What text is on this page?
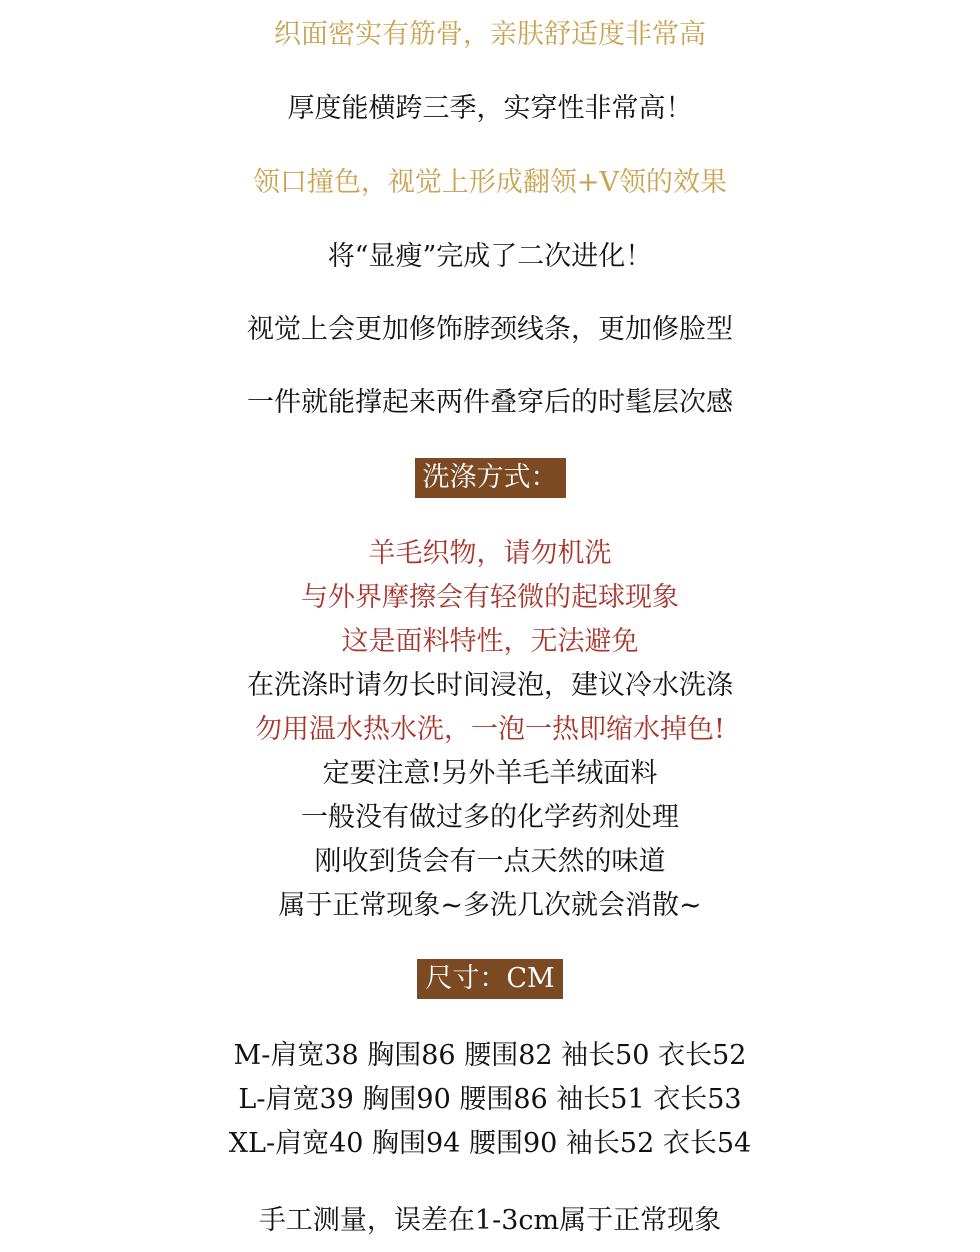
织面密实有筋骨，亲肤舒适度非常高
厚度能横跨三季，实穿性非常高！
领口撞色，视觉上形成翻领+V领的效果
将“显瘦”完成了二次进化！
视觉上会更加修饰脖颈线条，更加修脸型
一件就能撑起来两件叠穿后的时髦层次感
洗涤方式：
羊毛织物，请勿机洗
与外界摩擦会有轻微的起球现象
这是面料特性，无法避免
在洗涤时请勿长时间浸泡，建议冷水洗涤
勿用温水热水洗，一泡一热即缩水掉色!
定要注意!另外羊毛羊绒面料
一般没有做过多的化学药剂处理
刚收到货会有一点天然的味道
属于正常现象~多洗几次就会消散~
尺寸：CM
M-肩宽38 胸围86 腰围82 袖长50 衣长52
L-肩宽39 胸围90 腰围86 袖长51 衣长53
XL-肩宽40 胸围94 腰围90 袖长52 衣长54
手工测量，误差在1-3cm属于正常现象
